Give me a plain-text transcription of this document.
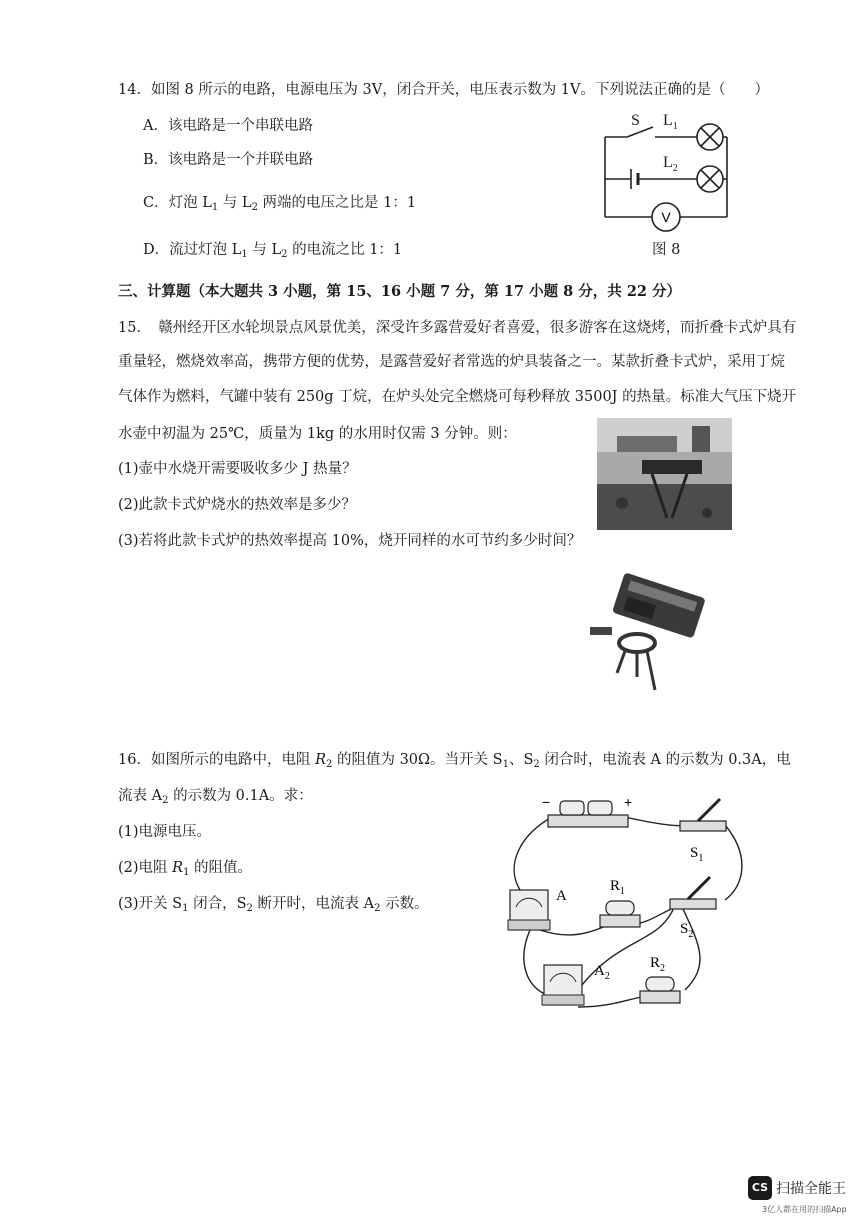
14．如图 8 所示的电路，电源电压为 3V，闭合开关，电压表示数为 1V。下列说法正确的是（　　）
A．该电路是一个串联电路
B．该电路是一个并联电路
C．灯泡 $L_1$ 与 $L_2$ 两端的电压之比是 1：1
D．流过灯泡 $L_1$ 与 $L_2$ 的电流之比 1：1
V
S $L_1$
$L_2$
图 8
三、计算题（本大题共 3 小题，第 15、16 小题 7 分，第 17 小题 8 分，共 22 分）
15．　赣州经开区水轮坝景点风景优美，深受许多露营爱好者喜爱，很多游客在这烧烤，而折叠卡式炉具有
重量轻，燃烧效率高，携带方便的优势，是露营爱好者常选的炉具装备之一。某款折叠卡式炉，采用丁烷
气体作为燃料，气罐中装有 250g 丁烷，在炉头处完全燃烧可每秒释放 3500J 的热量。标准大气压下烧开
水壶中初温为 25℃，质量为 1kg 的水用时仅需 3 分钟。则：
(1)壶中水烧开需要吸收多少 J 热量？
(2)此款卡式炉烧水的热效率是多少？
(3)若将此款卡式炉的热效率提高 10%，烧开同样的水可节约多少时间？
16．如图所示的电路中，电阻 $R_2$ 的阻值为 30Ω。当开关 $S_1$、$S_2$ 闭合时，电流表 A 的示数为 0.3A，电
流表 $A_2$ 的示数为 0.1A。求：
(1)电源电压。
(2)电阻 $R_1$ 的阻值。
(3)开关 $S_1$ 闭合，$S_2$ 断开时，电流表 $A_2$ 示数。
−	+
$S_1$
A
$R_1$
$S_2$
$A_2$
$R_2$
CS 扫描全能王
3亿人都在用的扫描App
